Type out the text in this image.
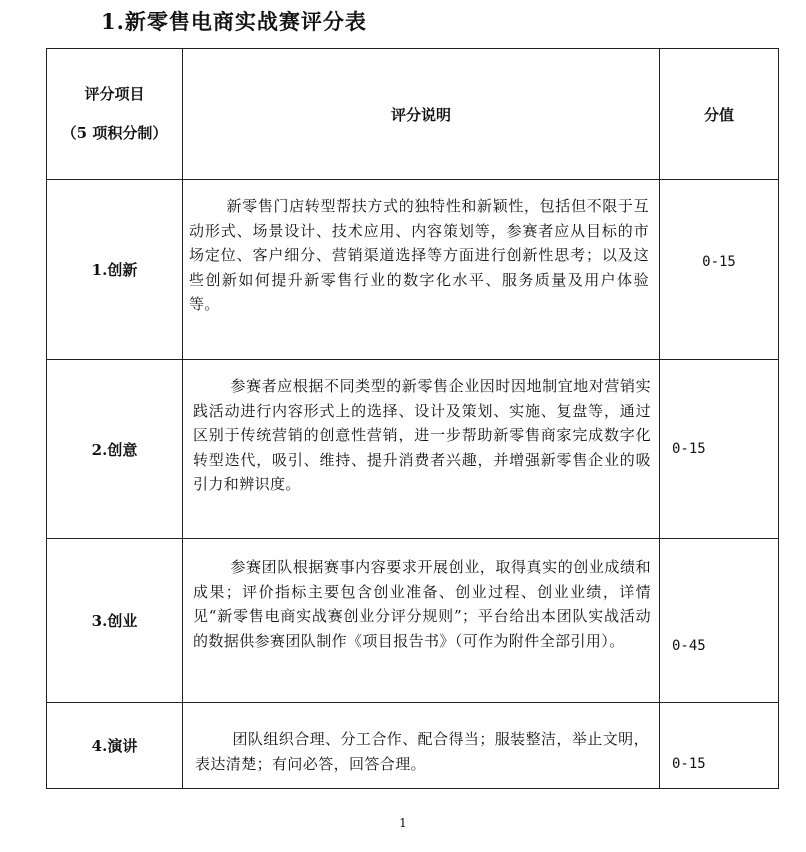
1.新零售电商实战赛评分表
评分项目
（5 项积分制）	评分说明	分值
1.创新	新零售门店转型帮扶方式的独特性和新颖性，包括但不限于互动形式、场景设计、技术应用、内容策划等，参赛者应从目标的市场定位、客户细分、营销渠道选择等方面进行创新性思考；以及这些创新如何提升新零售行业的数字化水平、服务质量及用户体验等。	0-15
2.创意	参赛者应根据不同类型的新零售企业因时因地制宜地对营销实践活动进行内容形式上的选择、设计及策划、实施、复盘等，通过区别于传统营销的创意性营销，进一步帮助新零售商家完成数字化转型迭代，吸引、维持、提升消费者兴趣，并增强新零售企业的吸引力和辨识度。	0-15
3.创业	参赛团队根据赛事内容要求开展创业，取得真实的创业成绩和成果；评价指标主要包含创业准备、创业过程、创业业绩，详情见“新零售电商实战赛创业分评分规则”；平台给出本团队实战活动的数据供参赛团队制作《项目报告书》（可作为附件全部引用）。	0-45
4.演讲	团队组织合理、分工合作、配合得当；服装整洁，举止文明，表达清楚；有问必答，回答合理。	0-15
1
